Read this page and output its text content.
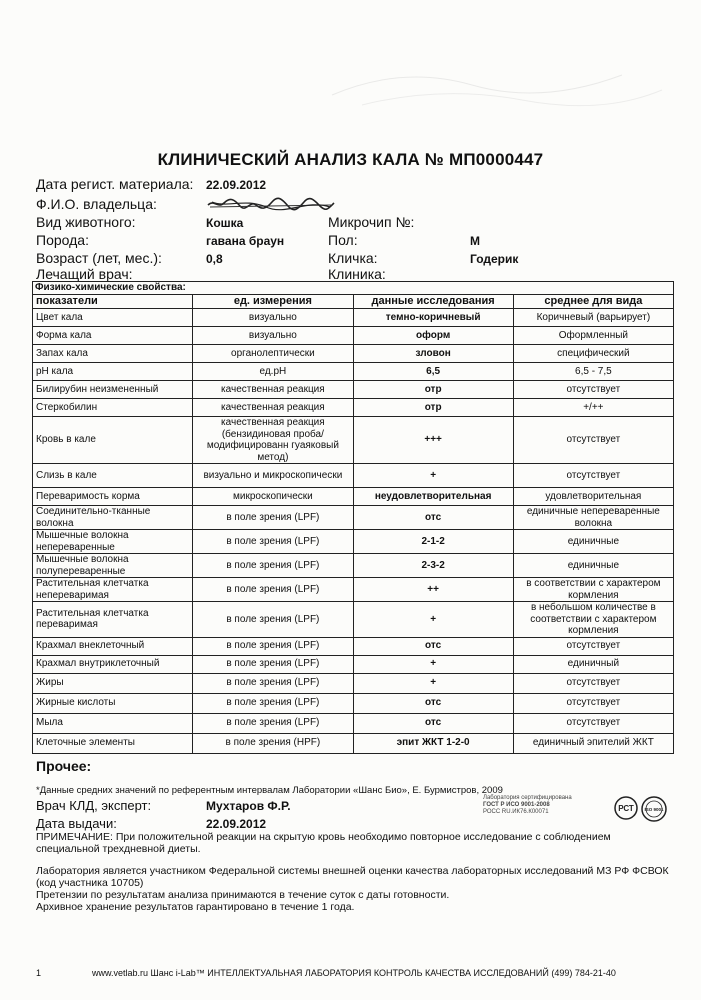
КЛИНИЧЕСКИЙ АНАЛИЗ КАЛА № МП0000447
Дата регист. материала: 22.09.2012
Ф.И.О. владельца:
Вид животного:	Кошка	Микрочип №:
Порода:	гавана браун	Пол:	М
Возраст (лет, мес.):	0,8	Кличка:	Годерик
Лечащий врач:	Клиника:
Физико-химические свойства:			
показатели	ед. измерения	данные исследования	среднее для вида
Цвет кала	визуально	темно-коричневый	Коричневый (варьирует)
Форма кала	визуально	оформ	Оформленный
Запах кала	органолептически	зловон	специфический
pH кала	ед.pH	6,5	6,5 - 7,5
Билирубин неизмененный	качественная реакция	отр	отсутствует
Стеркобилин	качественная реакция	отр	+/++
Кровь в кале	качественная реакция (бензидиновая проба/модифицированн гуаяковый метод)	+++	отсутствует
Слизь в кале	визуально и микроскопически	+	отсутствует
Переваримость корма	микроскопически	неудовлетворительная	удовлетворительная
Соединительно-тканные волокна	в поле зрения (LPF)	отс	единичные непереваренные волокна
Мышечные волокна непереваренные	в поле зрения (LPF)	2-1-2	единичные
Мышечные волокна полупереваренные	в поле зрения (LPF)	2-3-2	единичные
Растительная клетчатка непереваримая	в поле зрения (LPF)	++	в соответствии с характером кормления
Растительная клетчатка переваримая	в поле зрения (LPF)	+	в небольшом количестве в соответствии с характером кормления
Крахмал внеклеточный	в поле зрения (LPF)	отс	отсутствует
Крахмал внутриклеточный	в поле зрения (LPF)	+	единичный
Жиры	в поле зрения (LPF)	+	отсутствует
Жирные кислоты	в поле зрения (LPF)	отс	отсутствует
Мыла	в поле зрения (LPF)	отс	отсутствует
Клеточные элементы	в поле зрения (HPF)	эпит ЖКТ 1-2-0	единичный эпителий ЖКТ
Прочее:
*Данные средних значений по референтным интервалам Лаборатории «Шанс Био», Е. Бурмистров, 2009
Врач КЛД, эксперт:	Мухтаров Ф.Р.
Дата выдачи:	22.09.2012
Лаборатория сертифицирована
ГОСТ Р ИСО 9001-2008
РОСС RU.ИК76.К00071	РСТ ISO 9001
ПРИМЕЧАНИЕ: При положительной реакции на скрытую кровь необходимо повторное исследование с соблюдением специальной трехдневной диеты.
Лаборатория является участником Федеральной системы внешней оценки качества лабораторных исследований МЗ РФ ФСВОК
(код участника 10705)
Претензии по результатам анализа принимаются в течение суток с даты готовности.
Архивное хранение результатов гарантировано в течение 1 года.
1	www.vetlab.ru Шанс i-Lab™ ИНТЕЛЛЕКТУАЛЬНАЯ ЛАБОРАТОРИЯ КОНТРОЛЬ КАЧЕСТВА ИССЛЕДОВАНИЙ (499) 784-21-40
